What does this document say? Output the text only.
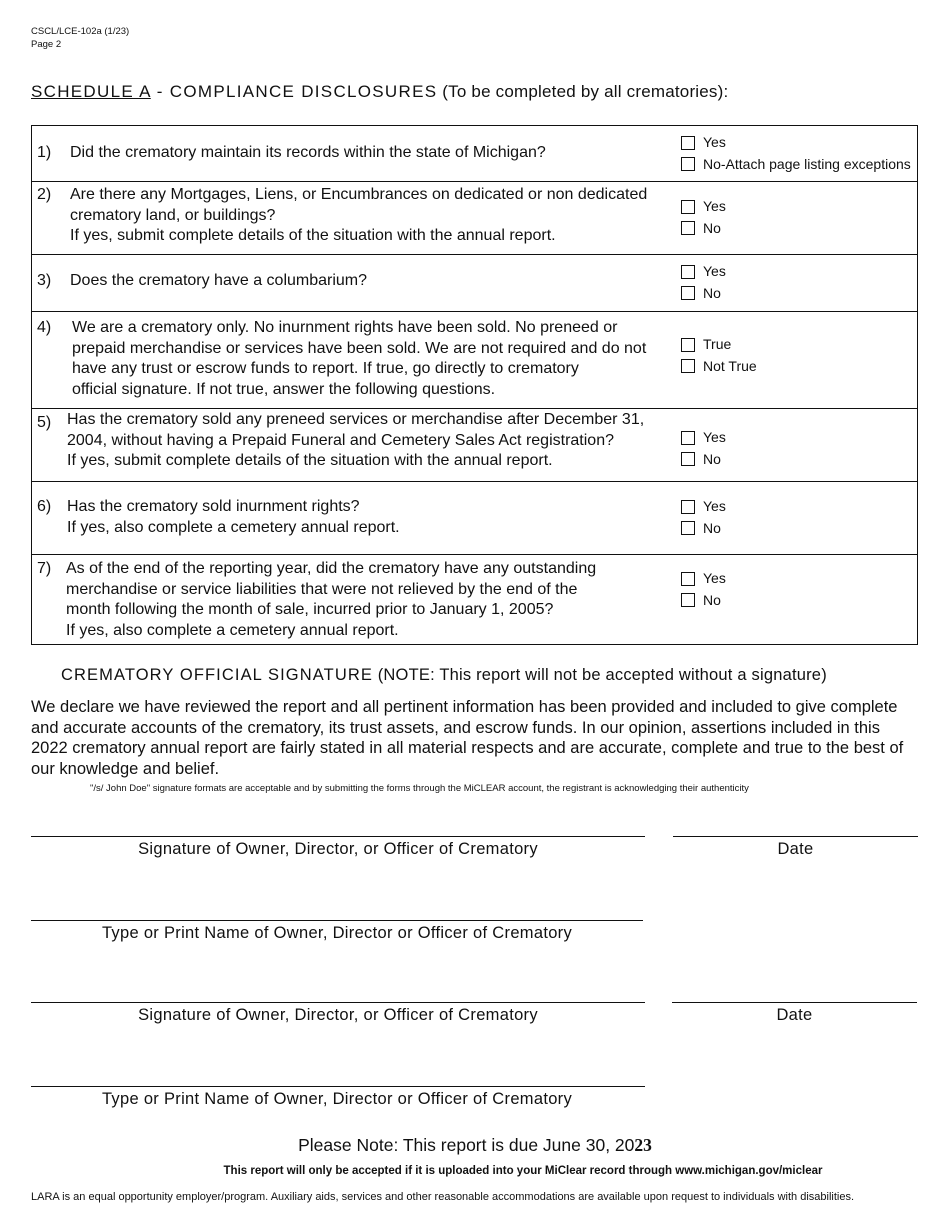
CSCL/LCE-102a (1/23)
Page 2
SCHEDULE A - COMPLIANCE DISCLOSURES (To be completed by all crematories):
1) Did the crematory maintain its records within the state of Michigan?
Yes
No-Attach page listing exceptions
2) Are there any Mortgages, Liens, or Encumbrances on dedicated or non dedicated
crematory land, or buildings?
If yes, submit complete details of the situation with the annual report.
Yes
No
3) Does the crematory have a columbarium?
Yes
No
4) We are a crematory only. No inurnment rights have been sold. No preneed or
prepaid merchandise or services have been sold. We are not required and do not
have any trust or escrow funds to report. If true, go directly to crematory
official signature. If not true, answer the following questions.
True
Not True
5) Has the crematory sold any preneed services or merchandise after December 31,
2004, without having a Prepaid Funeral and Cemetery Sales Act registration?
If yes, submit complete details of the situation with the annual report.
Yes
No
6) Has the crematory sold inurnment rights?
If yes, also complete a cemetery annual report.
Yes
No
7) As of the end of the reporting year, did the crematory have any outstanding
merchandise or service liabilities that were not relieved by the end of the
month following the month of sale, incurred prior to January 1, 2005?
If yes, also complete a cemetery annual report.
Yes
No
CREMATORY OFFICIAL SIGNATURE (NOTE: This report will not be accepted without a signature)
We declare we have reviewed the report and all pertinent information has been provided and included to give complete and accurate accounts of the crematory, its trust assets, and escrow funds. In our opinion, assertions included in this 2022 crematory annual report are fairly stated in all material respects and are accurate, complete and true to the best of our knowledge and belief.
"/s/ John Doe" signature formats are acceptable and by submitting the forms through the MiCLEAR account, the registrant is acknowledging their authenticity
Signature of Owner, Director, or Officer of Crematory	Date
Type or Print Name of Owner, Director or Officer of Crematory
Signature of Owner, Director, or Officer of Crematory	Date
Type or Print Name of Owner, Director or Officer of Crematory
Please Note: This report is due June 30, 2023
This report will only be accepted if it is uploaded into your MiClear record through www.michigan.gov/miclear
LARA is an equal opportunity employer/program. Auxiliary aids, services and other reasonable accommodations are available upon request to individuals with disabilities.
